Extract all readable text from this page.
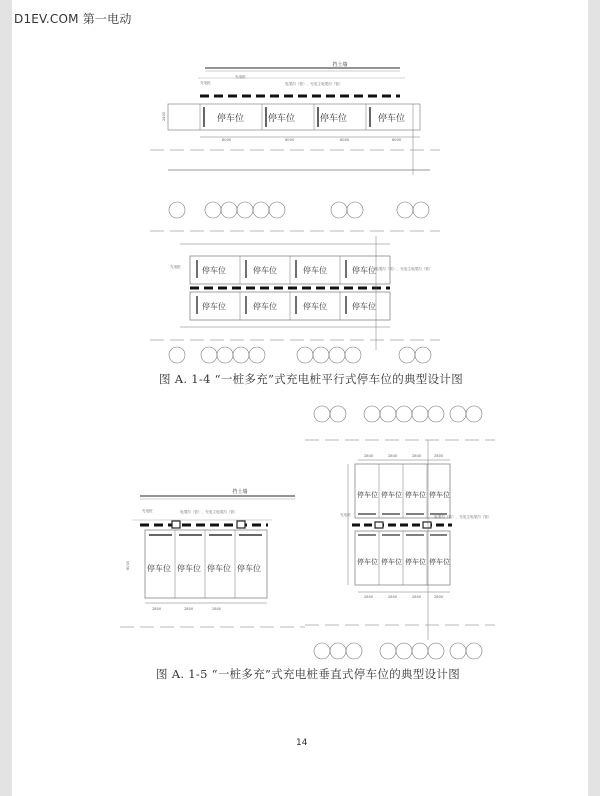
D1EV.COM 第一电动
挡土墙
充电桩
充电桩
电缆沟（管），充电主电缆沟（管）
停车位	停车位	停车位	停车位
6000	6000	6000	6000
2400
停车位	停车位	停车位	停车位
充电桩	电缆沟（管），充电主电缆沟（管）
停车位	停车位	停车位	停车位
挡土墙
充电桩	电缆沟（管），充电主电缆沟（管）
停车位 停车位 停车位 停车位
2800	2800	2800
6000
2800	2800	2800	2800
停车位 停车位 停车位 停车位
充电桩	电缆沟（管），充电主电缆沟（管）
停车位 停车位 停车位 停车位
2800	2800	2800	2800
图 A. 1-4 “一桩多充”式充电桩平行式停车位的典型设计图
图 A. 1-5 “一桩多充”式充电桩垂直式停车位的典型设计图
14
